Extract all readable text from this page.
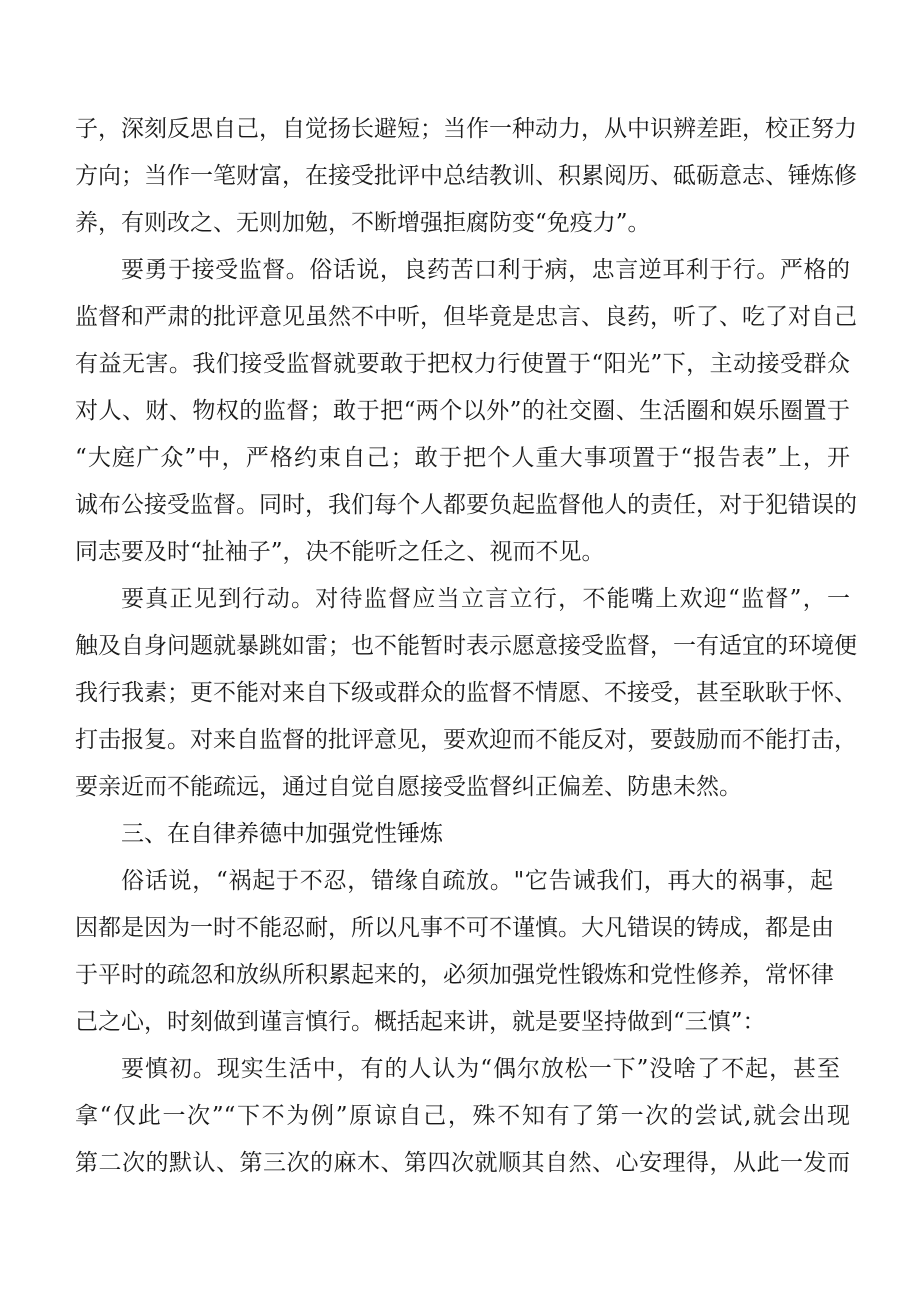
子，深刻反思自己，自觉扬长避短；当作一种动力，从中识辨差距，校正努力
方向；当作一笔财富，在接受批评中总结教训、积累阅历、砥砺意志、锤炼修
养，有则改之、无则加勉，不断增强拒腐防变“免疫力”。
要勇于接受监督。俗话说，良药苦口利于病，忠言逆耳利于行。严格的
监督和严肃的批评意见虽然不中听，但毕竟是忠言、良药，听了、吃了对自己
有益无害。我们接受监督就要敢于把权力行使置于“阳光”下，主动接受群众
对人、财、物权的监督；敢于把“两个以外”的社交圈、生活圈和娱乐圈置于
“大庭广众”中，严格约束自己；敢于把个人重大事项置于“报告表”上，开
诚布公接受监督。同时，我们每个人都要负起监督他人的责任，对于犯错误的
同志要及时“扯袖子”，决不能听之任之、视而不见。
要真正见到行动。对待监督应当立言立行，不能嘴上欢迎“监督”，一
触及自身问题就暴跳如雷；也不能暂时表示愿意接受监督，一有适宜的环境便
我行我素；更不能对来自下级或群众的监督不情愿、不接受，甚至耿耿于怀、
打击报复。对来自监督的批评意见，要欢迎而不能反对，要鼓励而不能打击，
要亲近而不能疏远，通过自觉自愿接受监督纠正偏差、防患未然。
三、在自律养德中加强党性锤炼
俗话说，“祸起于不忍，错缘自疏放。"它告诫我们，再大的祸事，起
因都是因为一时不能忍耐，所以凡事不可不谨慎。大凡错误的铸成，都是由
于平时的疏忽和放纵所积累起来的，必须加强党性锻炼和党性修养，常怀律
己之心，时刻做到谨言慎行。概括起来讲，就是要坚持做到“三慎”：
要慎初。现实生活中，有的人认为“偶尔放松一下”没啥了不起，甚至
拿“仅此一次”“下不为例”原谅自己，殊不知有了第一次的尝试,就会出现
第二次的默认、第三次的麻木、第四次就顺其自然、心安理得，从此一发而
